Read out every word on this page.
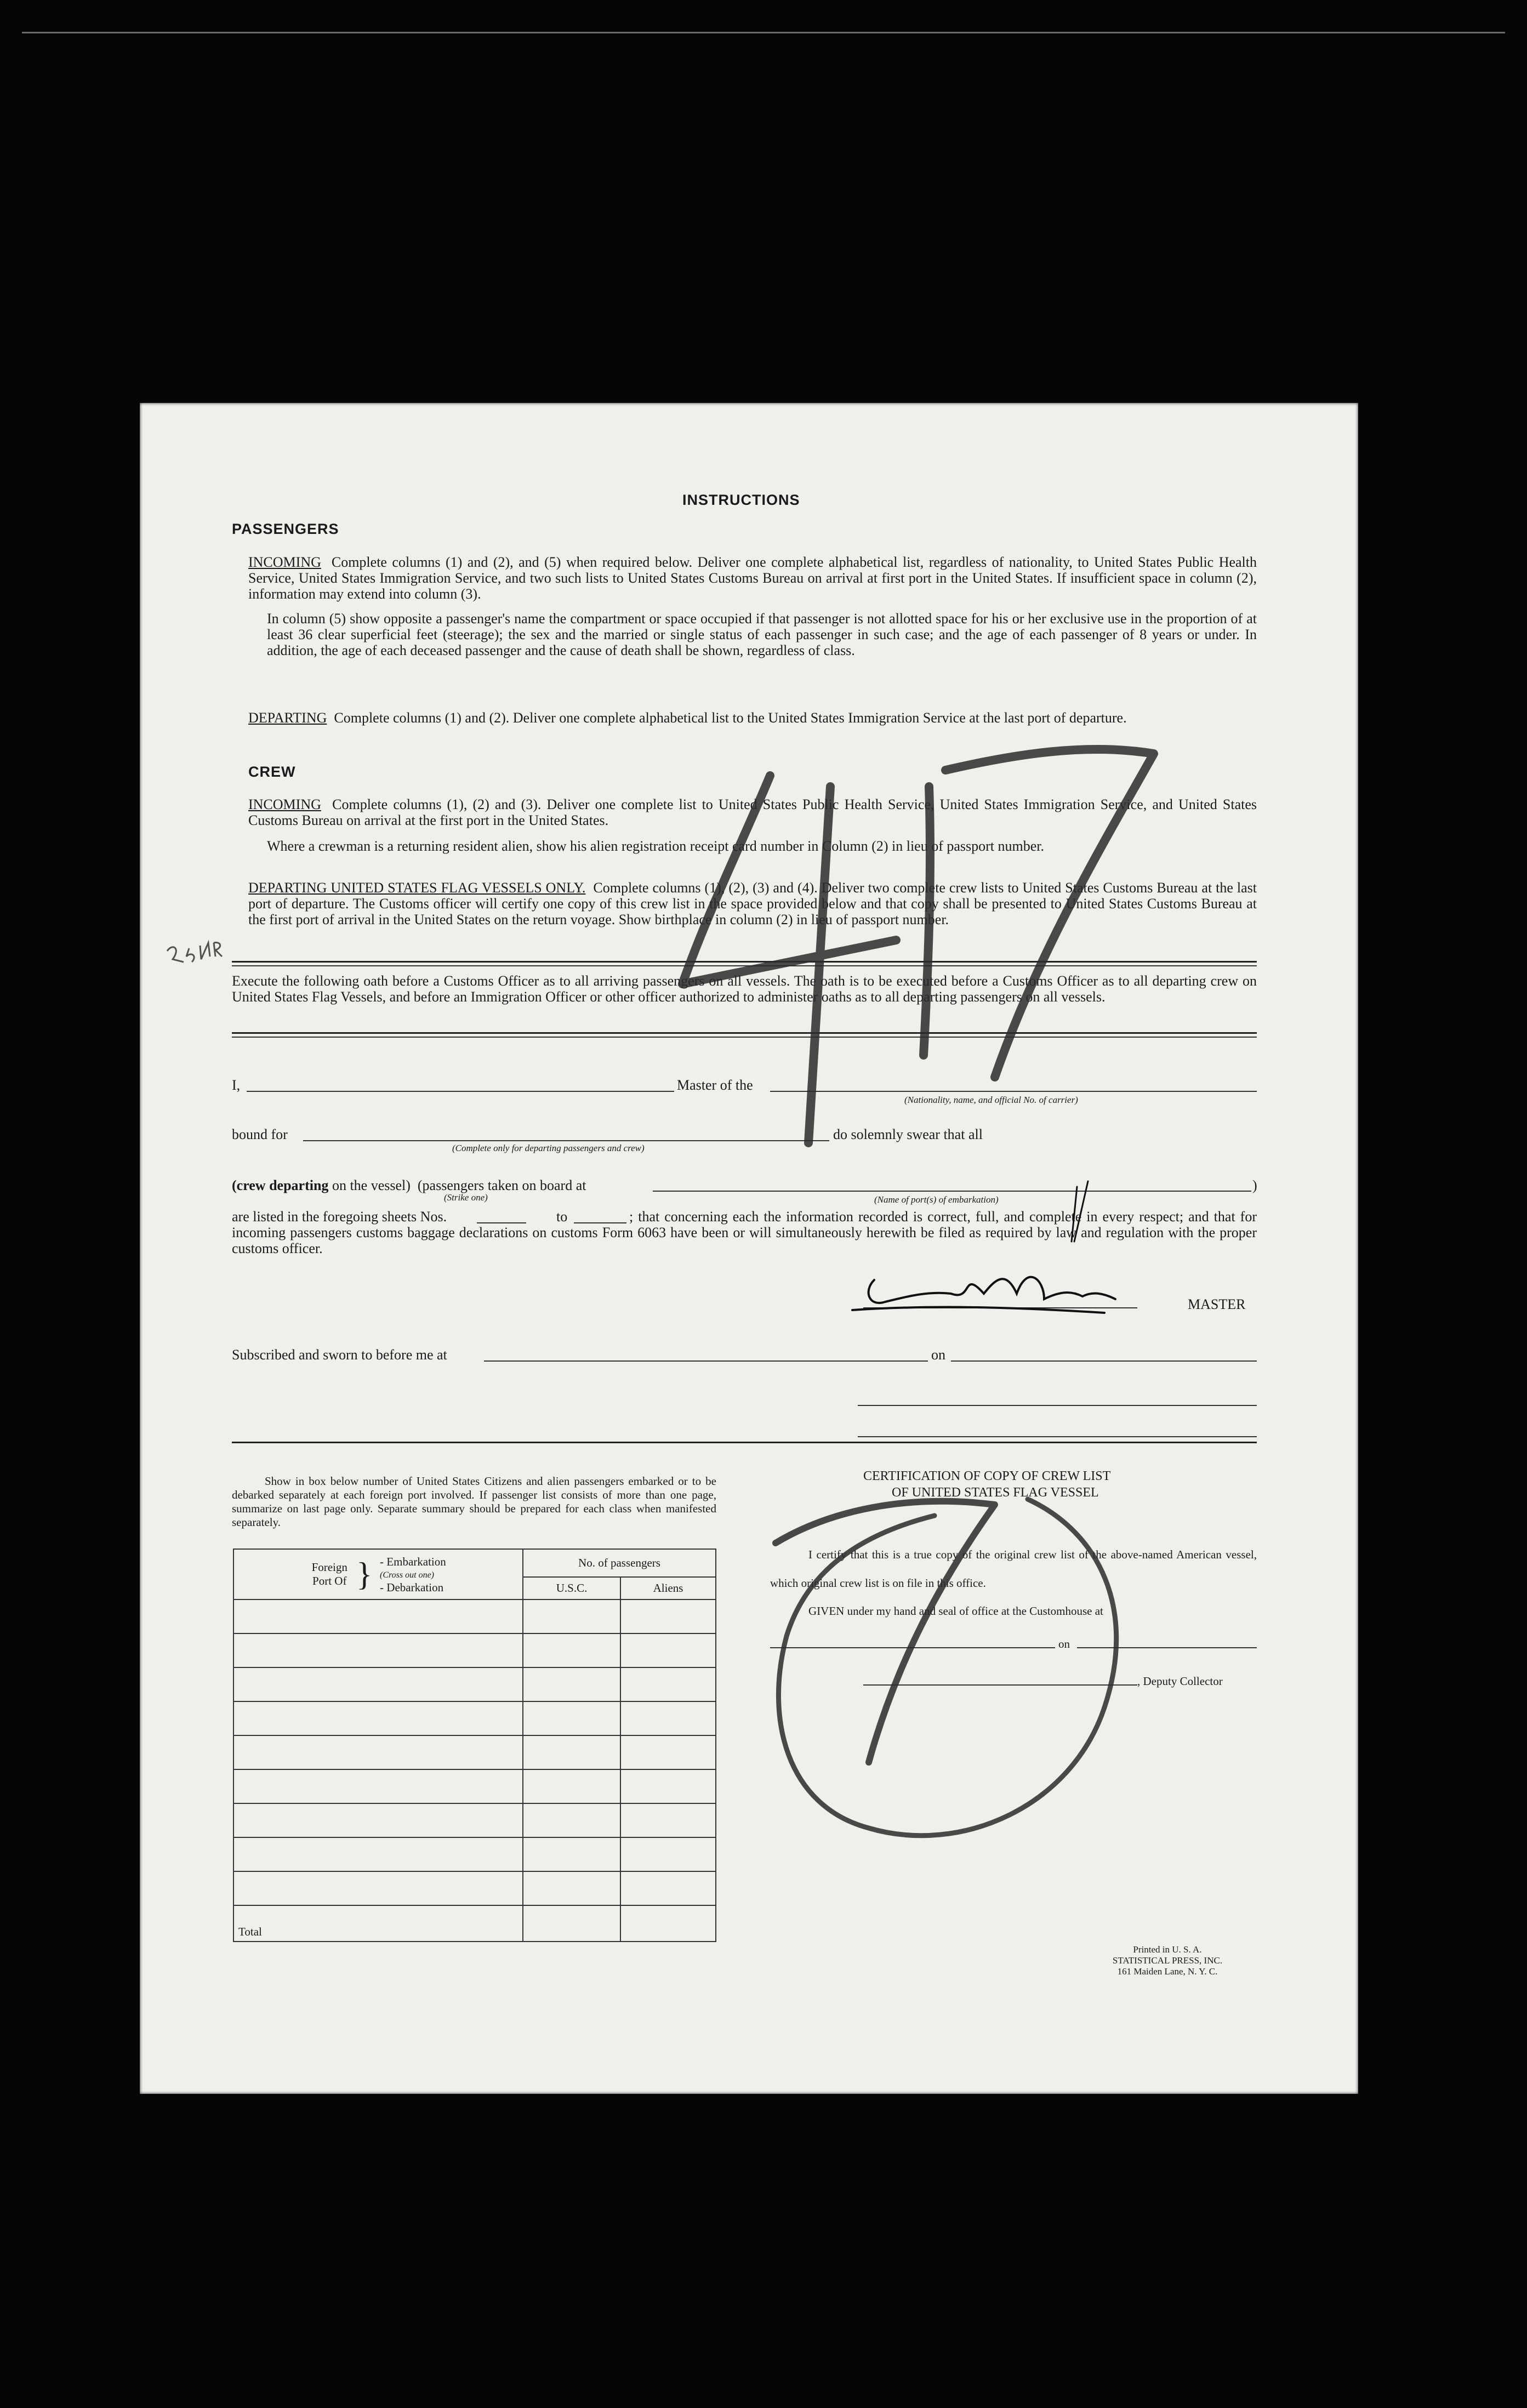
INSTRUCTIONS
PASSENGERS

INCOMING Complete columns (1) and (2), and (5) when required below. Deliver one complete alphabetical list, regardless of nationality, to United States Public Health Service, United States Immigration Service, and two such lists to United States Customs Bureau on arrival at first port in the United States. If insufficient space in column (2), information may extend into column (3).

In column (5) show opposite a passenger's name the compartment or space occupied if that passenger is not allotted space for his or her exclusive use in the proportion of at least 36 clear superficial feet (steerage); the sex and the married or single status of each passenger in such case; and the age of each passenger of 8 years or under. In addition, the age of each deceased passenger and the cause of death shall be shown, regardless of class.

DEPARTING Complete columns (1) and (2). Deliver one complete alphabetical list to the United States Immigration Service at the last port of departure.

CREW

INCOMING Complete columns (1), (2) and (3). Deliver one complete list to United States Public Health Service, United States Immigration Service, and United States Customs Bureau on arrival at the first port in the United States.

Where a crewman is a returning resident alien, show his alien registration receipt card number in Column (2) in lieu of passport number.

DEPARTING UNITED STATES FLAG VESSELS ONLY. Complete columns (1), (2), (3) and (4). Deliver two complete crew lists to United States Customs Bureau at the last port of departure. The Customs officer will certify one copy of this crew list in the space provided below and that copy shall be presented to United States Customs Bureau at the first port of arrival in the United States on the return voyage. Show birthplace in column (2) in lieu of passport number.

Execute the following oath before a Customs Officer as to all arriving passengers on all vessels. The oath is to be executed before a Customs Officer as to all departing crew on United States Flag Vessels, and before an Immigration Officer or other officer authorized to administer oaths as to all departing passengers on all vessels.

I,	Master of the
(Nationality, name, and official No. of carrier)
bound for
(Complete only for departing passengers and crew)
do solemnly swear that all
(crew departing on the vessel)  (passengers taken on board at
(Strike one)
)
(Name of port(s) of embarkation)
are listed in the foregoing sheets Nos.	to	; that concerning each the information recorded is correct, full, and complete in every respect; and that for incoming passengers customs baggage declarations on customs Form 6063 have been or will simultaneously herewith be filed as required by law and regulation with the proper customs officer.

MASTER
Subscribed and sworn to before me at	on

Show in box below number of United States Citizens and alien passengers embarked or to be debarked separately at each foreign port involved. If passenger list consists of more than one page, summarize on last page only. Separate summary should be prepared for each class when manifested separately.

Foreign Port Of } - Embarkation
(Cross out one)
- Debarkation	No. of passengers	
	U.S.C.	Aliens

Total		
CERTIFICATION OF COPY OF CREW LIST
OF UNITED STATES FLAG VESSEL

I certify that this is a true copy of the original crew list of the above-named American vessel, which original crew list is on file in this office.

GIVEN under my hand and seal of office at the Customhouse at
on
, Deputy Collector
Printed in U. S. A.
STATISTICAL PRESS, INC.
161 Maiden Lane, N. Y. C.
